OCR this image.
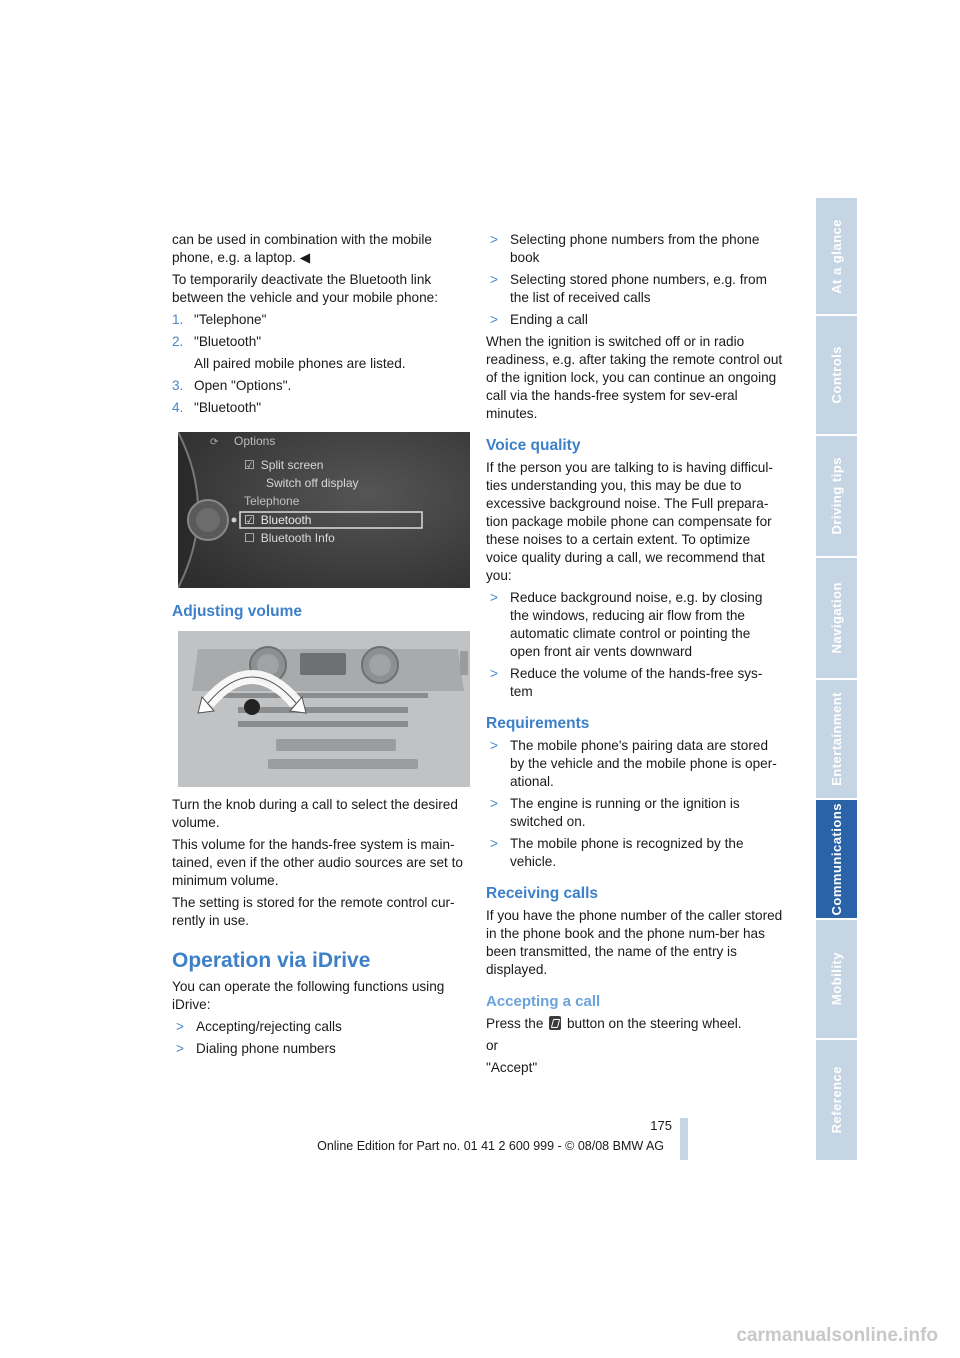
can be used in combination with the mobile phone, e.g. a laptop. ◀

To temporarily deactivate the Bluetooth link between the vehicle and your mobile phone:

1. "Telephone"

2. "Bluetooth"

All paired mobile phones are listed.

3. Open "Options".

4. "Bluetooth"

⟳ Options
☑ Split screen
Switch off display
Telephone
☑ Bluetooth
☐ Bluetooth Info
Adjusting volume

Turn the knob during a call to select the desired volume.

This volume for the hands-free system is main-tained, even if the other audio sources are set to minimum volume.

The setting is stored for the remote control cur-rently in use.

Operation via iDrive

You can operate the following functions using iDrive:

> Accepting/rejecting calls

> Dialing phone numbers

> Selecting phone numbers from the phone book

> Selecting stored phone numbers, e.g. from the list of received calls

> Ending a call

When the ignition is switched off or in radio readiness, e.g. after taking the remote control out of the ignition lock, you can continue an ongoing call via the hands-free system for sev-eral minutes.

Voice quality

If the person you are talking to is having difficul-ties understanding you, this may be due to excessive background noise. The Full prepara-tion package mobile phone can compensate for these noises to a certain extent. To optimize voice quality during a call, we recommend that you:

> Reduce background noise, e.g. by closing the windows, reducing air flow from the automatic climate control or pointing the open front air vents downward

> Reduce the volume of the hands-free sys-tem

Requirements

> The mobile phone's pairing data are stored by the vehicle and the mobile phone is oper-ational.

> The engine is running or the ignition is switched on.

> The mobile phone is recognized by the vehicle.

Receiving calls

If you have the phone number of the caller stored in the phone book and the phone num-ber has been transmitted, the name of the entry is displayed.

Accepting a call

Press the button on the steering wheel.

or

"Accept"

At a glance
Controls
Driving tips
Navigation
Entertainment
Communications
Mobility
Reference
175
Online Edition for Part no. 01 41 2 600 999 - © 08/08 BMW AG
carmanualsonline.info
